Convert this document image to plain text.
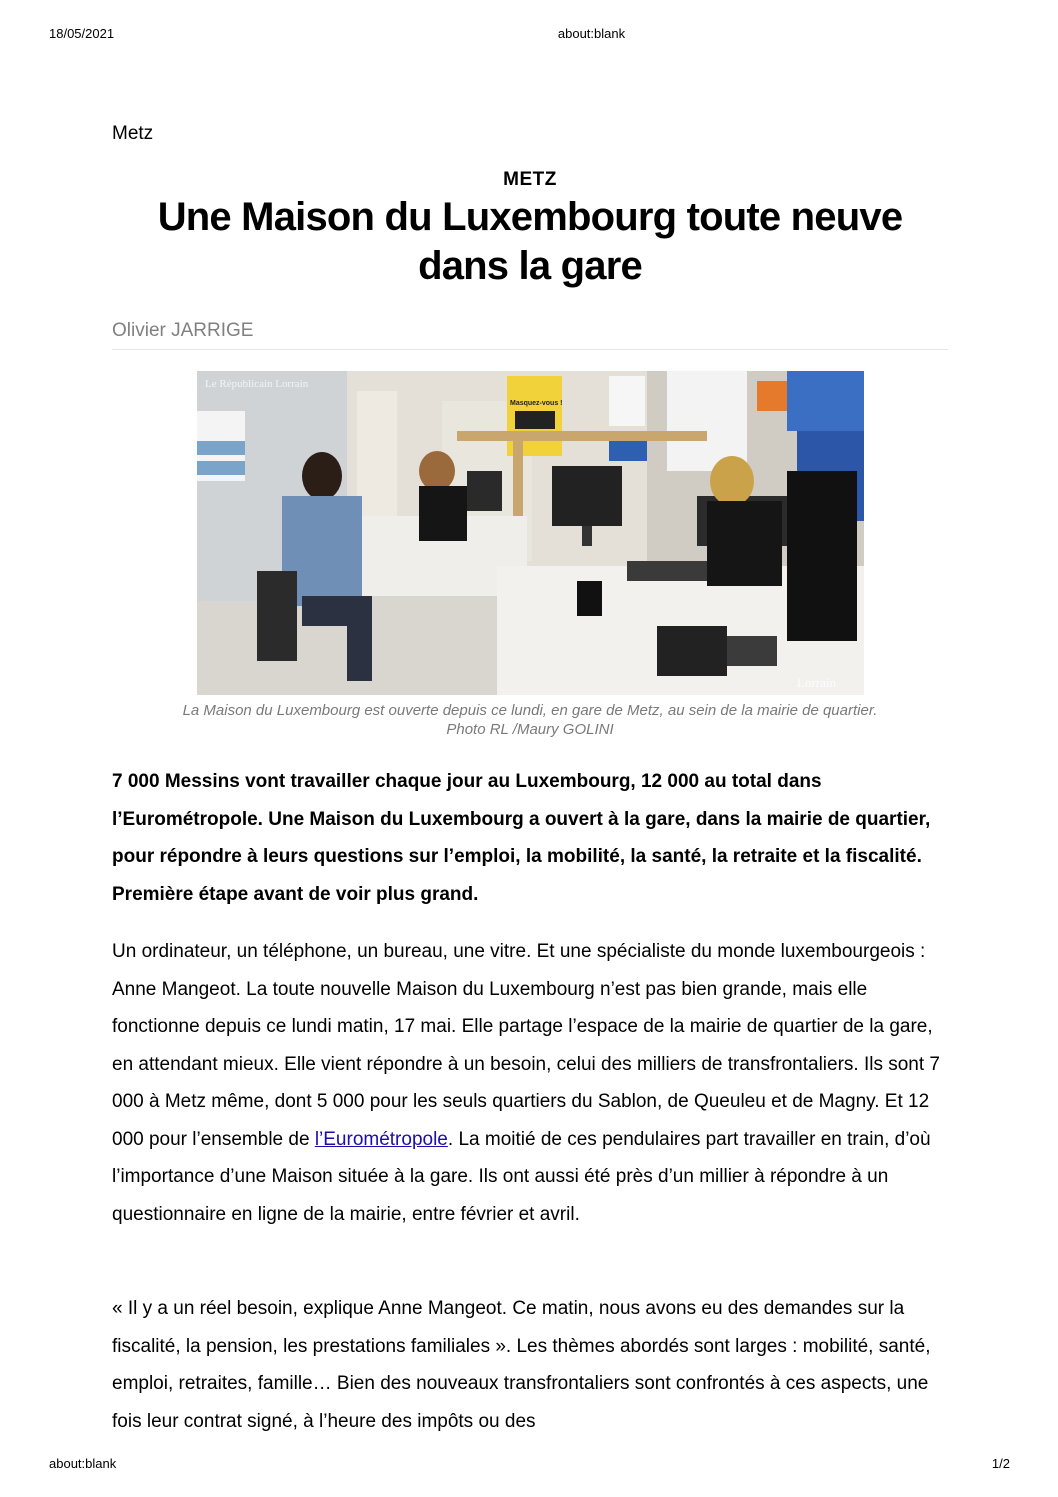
18/05/2021	about:blank
Metz
METZ
Une Maison du Luxembourg toute neuve dans la gare
Olivier JARRIGE
Masquez-vous !
Le Républicain Lorrain
Lorrain
La Maison du Luxembourg est ouverte depuis ce lundi, en gare de Metz, au sein de la mairie de quartier.
Photo RL /Maury GOLINI

7 000 Messins vont travailler chaque jour au Luxembourg, 12 000 au total dans l’Eurométropole. Une Maison du Luxembourg a ouvert à la gare, dans la mairie de quartier, pour répondre à leurs questions sur l’emploi, la mobilité, la santé, la retraite et la fiscalité. Première étape avant de voir plus grand.

Un ordinateur, un téléphone, un bureau, une vitre. Et une spécialiste du monde luxembourgeois : Anne Mangeot. La toute nouvelle Maison du Luxembourg n’est pas bien grande, mais elle fonctionne depuis ce lundi matin, 17 mai. Elle partage l’espace de la mairie de quartier de la gare, en attendant mieux. Elle vient répondre à un besoin, celui des milliers de transfrontaliers. Ils sont 7 000 à Metz même, dont 5 000 pour les seuls quartiers du Sablon, de Queuleu et de Magny. Et 12 000 pour l’ensemble de l’Eurométropole. La moitié de ces pendulaires part travailler en train, d’où l’importance d’une Maison située à la gare. Ils ont aussi été près d’un millier à répondre à un questionnaire en ligne de la mairie, entre février et avril.

« Il y a un réel besoin, explique Anne Mangeot. Ce matin, nous avons eu des demandes sur la fiscalité, la pension, les prestations familiales ». Les thèmes abordés sont larges : mobilité, santé, emploi, retraites, famille… Bien des nouveaux transfrontaliers sont confrontés à ces aspects, une fois leur contrat signé, à l’heure des impôts ou des

about:blank	1/2
